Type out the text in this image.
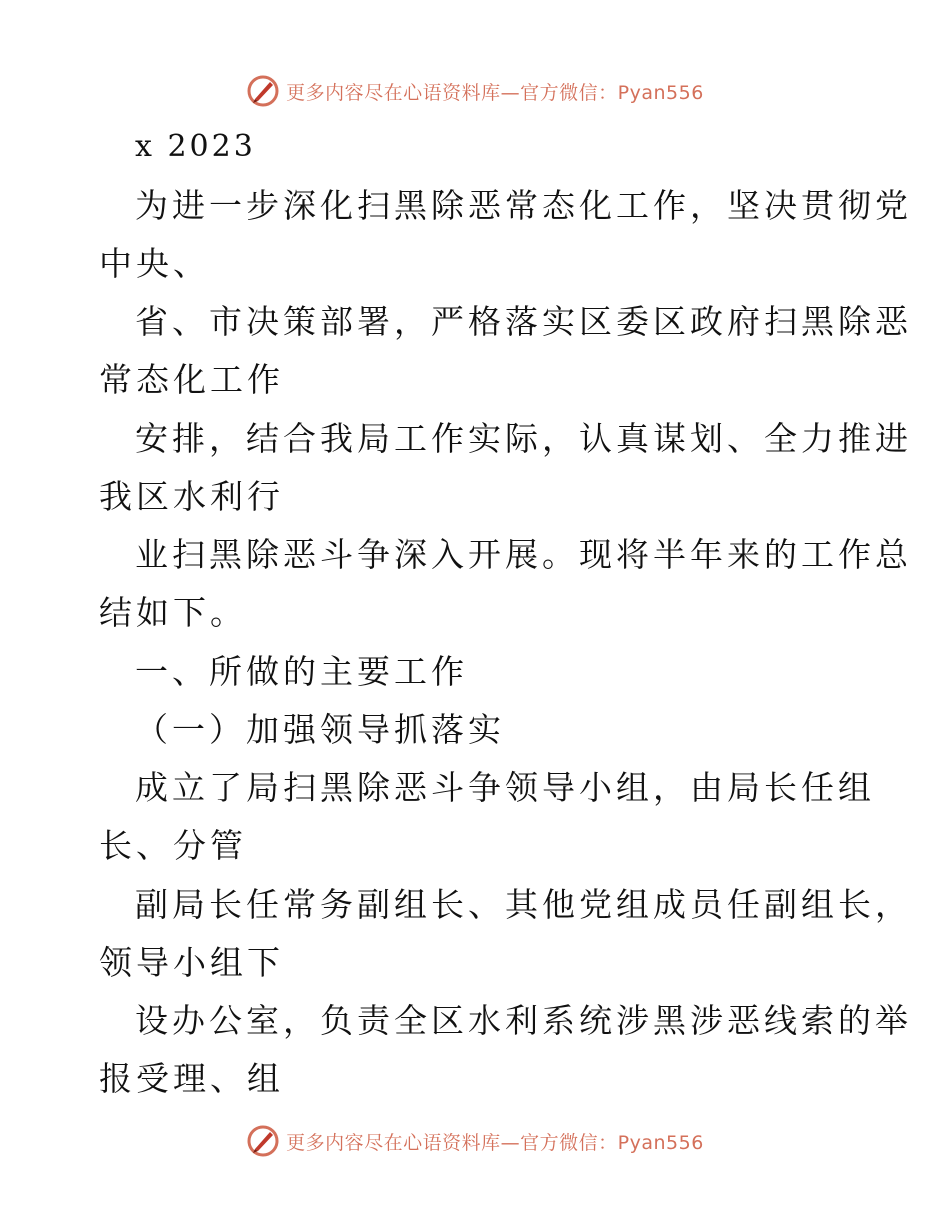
更多内容尽在心语资料库—官方微信：Pyan556
x 2023
为进一步深化扫黑除恶常态化工作，坚决贯彻党
中央、
省、市决策部署，严格落实区委区政府扫黑除恶
常态化工作
安排，结合我局工作实际，认真谋划、全力推进
我区水利行
业扫黑除恶斗争深入开展。现将半年来的工作总
结如下。
一、所做的主要工作
（一）加强领导抓落实
成立了局扫黑除恶斗争领导小组，由局长任组
长、分管
副局长任常务副组长、其他党组成员任副组长，
领导小组下
设办公室，负责全区水利系统涉黑涉恶线索的举
报受理、组
更多内容尽在心语资料库—官方微信：Pyan556
